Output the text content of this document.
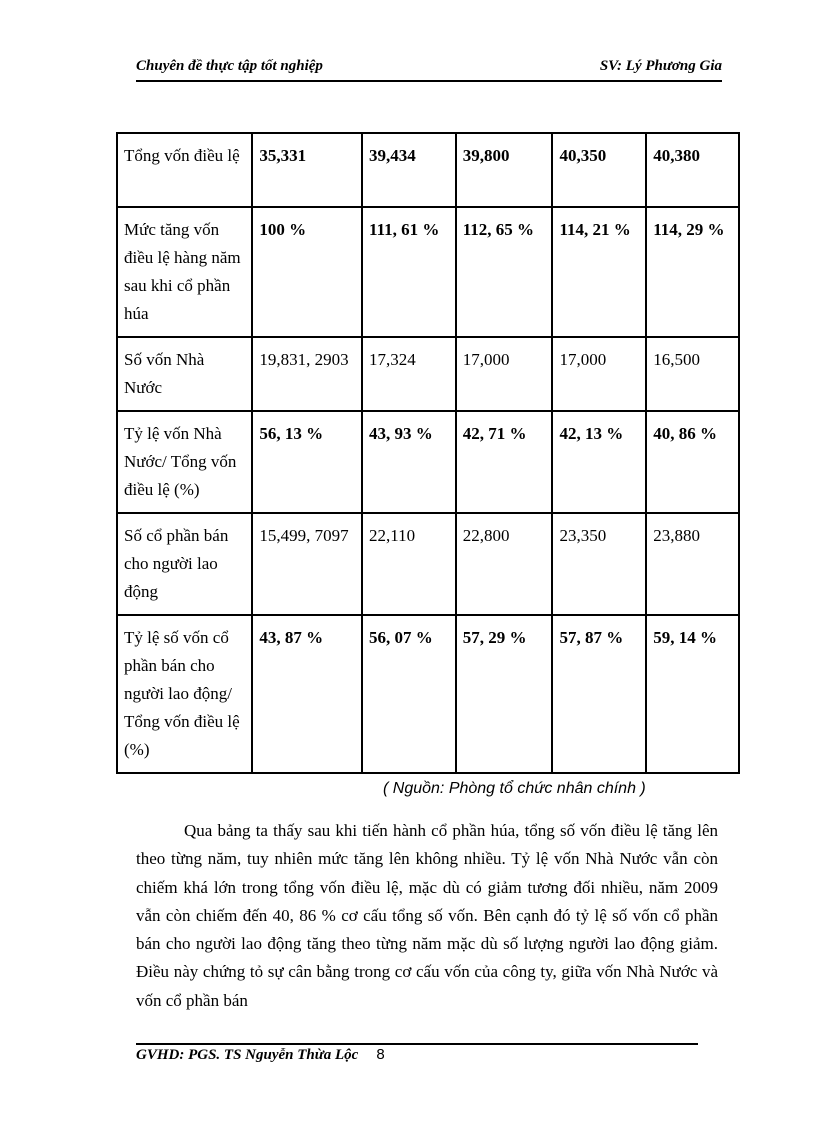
Chuyên đề thực tập tốt nghiệp	SV: Lý Phương Gia
Tổng vốn điều lệ	35,331	39,434	39,800	40,350	40,380
Mức tăng vốn điều lệ hàng năm sau khi cổ phần húa	100 %	111, 61 %	112, 65 %	114, 21 %	114, 29 %
Số vốn Nhà Nước	19,831, 2903	17,324	17,000	17,000	16,500
Tỷ lệ vốn Nhà Nước/ Tổng vốn điều lệ (%)	56, 13 %	43, 93 %	42, 71 %	42, 13 %	40, 86 %
Số cổ phần bán cho người lao động	15,499, 7097	22,110	22,800	23,350	23,880
Tỷ lệ số vốn cổ phần bán cho người lao động/ Tổng vốn điều lệ (%)	43, 87 %	56, 07 %	57, 29 %	57, 87 %	59, 14 %
( Nguồn: Phòng tổ chức nhân chính )

Qua bảng ta thấy sau khi tiến hành cổ phần húa, tổng số vốn điều lệ tăng lên theo từng năm, tuy nhiên mức tăng lên không nhiều. Tỷ lệ vốn Nhà Nước vẫn còn chiếm khá lớn trong tổng vốn điều lệ, mặc dù có giảm tương đối nhiều, năm 2009 vẫn còn chiếm đến 40, 86 % cơ cấu tổng số vốn. Bên cạnh đó tỷ lệ số vốn cổ phần bán cho người lao động tăng theo từng năm mặc dù số lượng người lao động giảm. Điều này chứng tỏ sự cân bằng trong cơ cấu vốn của công ty, giữa vốn Nhà Nước và vốn cổ phần bán

GVHD: PGS. TS Nguyễn Thừa Lộc 8
